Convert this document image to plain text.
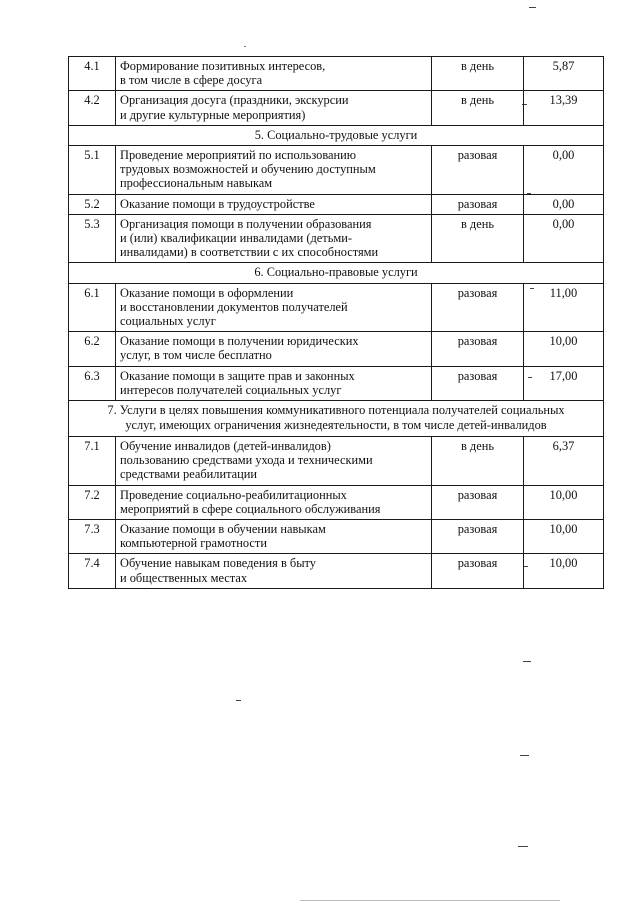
4.1	Формирование позитивных интересов,
в том числе в сфере досуга	в день	5,87
4.2	Организация досуга (праздники, экскурсии
и другие культурные мероприятия)	в день	13,39
5. Социально-трудовые услуги			
5.1	Проведение мероприятий по использованию
трудовых возможностей и обучению доступным
профессиональным навыкам	разовая	0,00
5.2	Оказание помощи в трудоустройстве	разовая	0,00
5.3	Организация помощи в получении образования
и (или) квалификации инвалидами (детьми-
инвалидами) в соответствии с их способностями	в день	0,00
6. Социально-правовые услуги			
6.1	Оказание помощи в оформлении
и восстановлении документов получателей
социальных услуг	разовая	11,00
6.2	Оказание помощи в получении юридических
услуг, в том числе бесплатно	разовая	10,00
6.3	Оказание помощи в защите прав и законных
интересов получателей социальных услуг	разовая	17,00
7. Услуги в целях повышения коммуникативного потенциала получателей социальных
услуг, имеющих ограничения жизнедеятельности, в том числе детей-инвалидов			
7.1	Обучение инвалидов (детей-инвалидов)
пользованию средствами ухода и техническими
средствами реабилитации	в день	6,37
7.2	Проведение социально-реабилитационных
мероприятий в сфере социального обслуживания	разовая	10,00
7.3	Оказание помощи в обучении навыкам
компьютерной грамотности	разовая	10,00
7.4	Обучение навыкам поведения в быту
и общественных местах	разовая	10,00
